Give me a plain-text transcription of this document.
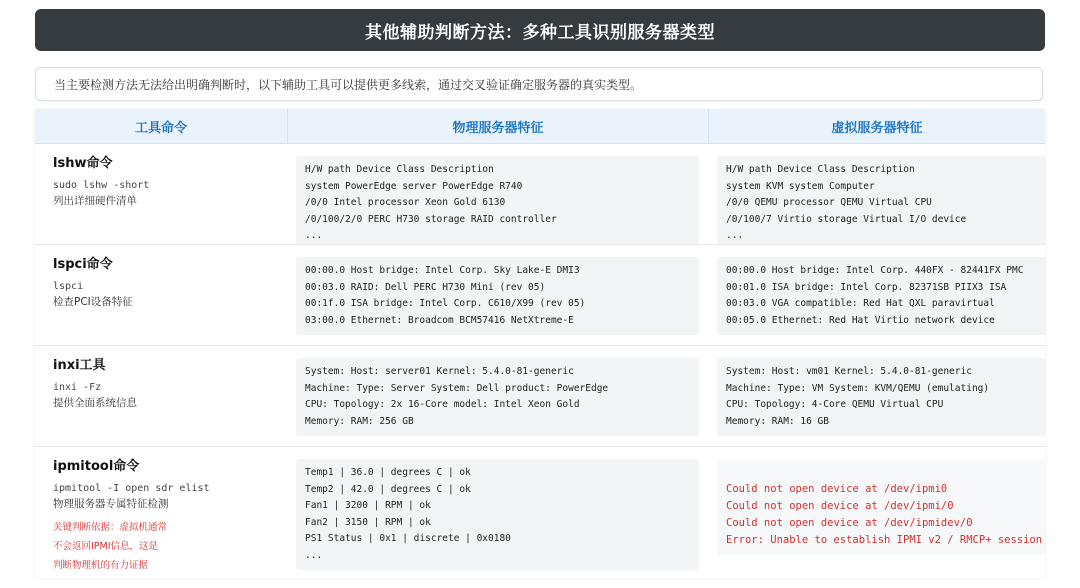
其他辅助判断方法：多种工具识别服务器类型
当主要检测方法无法给出明确判断时，以下辅助工具可以提供更多线索，通过交叉验证确定服务器的真实类型。
工具命令	物理服务器特征	虚拟服务器特征
lshw命令
sudo lshw -short
列出详细硬件清单
H/W path Device Class Description
system PowerEdge server PowerEdge R740
/0/0 Intel processor Xeon Gold 6130
/0/100/2/0 PERC H730 storage RAID controller
...
H/W path Device Class Description
system KVM system Computer
/0/0 QEMU processor QEMU Virtual CPU
/0/100/7 Virtio storage Virtual I/O device
...
lspci命令
lspci
检查PCI设备特征
00:00.0 Host bridge: Intel Corp. Sky Lake-E DMI3
00:03.0 RAID: Dell PERC H730 Mini (rev 05)
00:1f.0 ISA bridge: Intel Corp. C610/X99 (rev 05)
03:00.0 Ethernet: Broadcom BCM57416 NetXtreme-E
00:00.0 Host bridge: Intel Corp. 440FX - 82441FX PMC
00:01.0 ISA bridge: Intel Corp. 82371SB PIIX3 ISA
00:03.0 VGA compatible: Red Hat QXL paravirtual
00:05.0 Ethernet: Red Hat Virtio network device
inxi工具
inxi -Fz
提供全面系统信息
System: Host: server01 Kernel: 5.4.0-81-generic
Machine: Type: Server System: Dell product: PowerEdge
CPU: Topology: 2x 16-Core model: Intel Xeon Gold
Memory: RAM: 256 GB
System: Host: vm01 Kernel: 5.4.0-81-generic
Machine: Type: VM System: KVM/QEMU (emulating)
CPU: Topology: 4-Core QEMU Virtual CPU
Memory: RAM: 16 GB
ipmitool命令
ipmitool -I open sdr elist
物理服务器专属特征检测
关键判断依据：虚拟机通常
不会返回IPMI信息，这是
判断物理机的有力证据
Temp1 | 36.0 | degrees C | ok
Temp2 | 42.0 | degrees C | ok
Fan1 | 3200 | RPM | ok
Fan2 | 3150 | RPM | ok
PS1 Status | 0x1 | discrete | 0x0180
...
Could not open device at /dev/ipmi0
Could not open device at /dev/ipmi/0
Could not open device at /dev/ipmidev/0
Error: Unable to establish IPMI v2 / RMCP+ session
